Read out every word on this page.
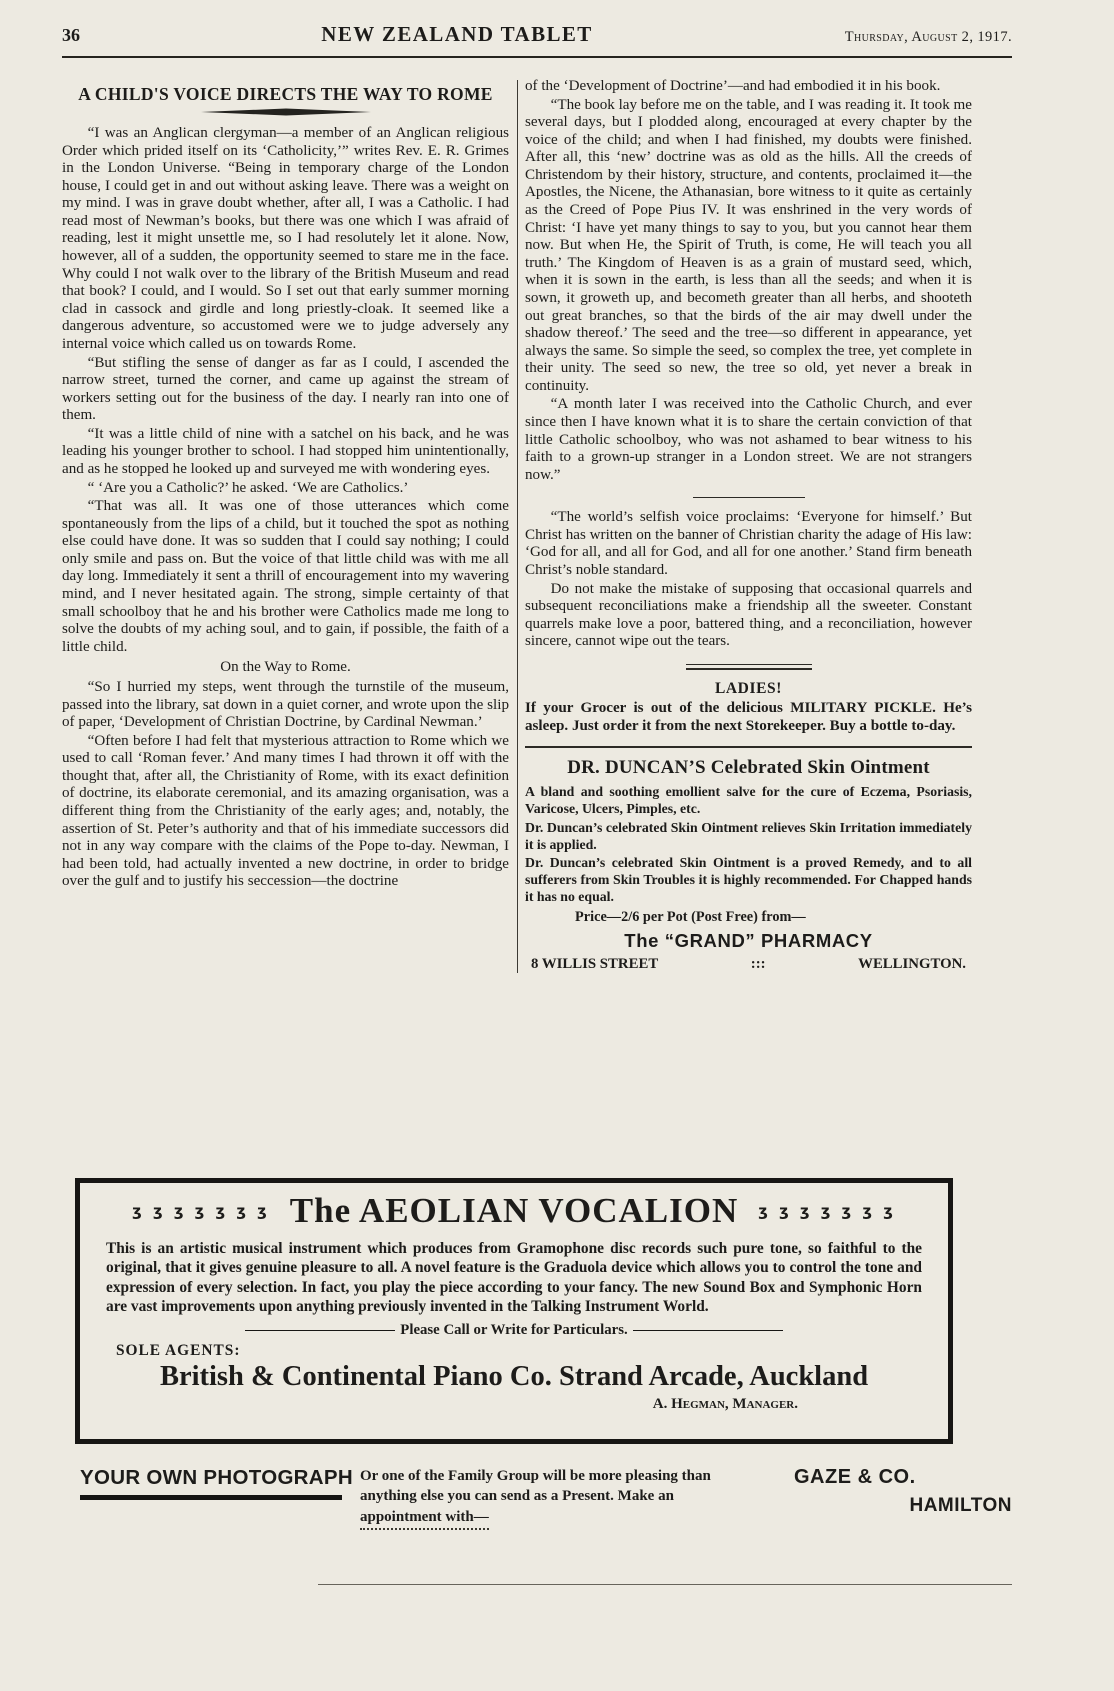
36	NEW ZEALAND TABLET	Thursday, August 2, 1917.
A CHILD'S VOICE DIRECTS THE WAY TO ROME

“I was an Anglican clergyman—a member of an Anglican religious Order which prided itself on its ‘Catholicity,’” writes Rev. E. R. Grimes in the London Universe. “Being in temporary charge of the London house, I could get in and out without asking leave. There was a weight on my mind. I was in grave doubt whether, after all, I was a Catholic. I had read most of Newman’s books, but there was one which I was afraid of reading, lest it might unsettle me, so I had resolutely let it alone. Now, however, all of a sudden, the opportunity seemed to stare me in the face. Why could I not walk over to the library of the British Museum and read that book? I could, and I would. So I set out that early summer morning clad in cassock and girdle and long priestly-cloak. It seemed like a dangerous adventure, so accustomed were we to judge adversely any internal voice which called us on towards Rome.

“But stifling the sense of danger as far as I could, I ascended the narrow street, turned the corner, and came up against the stream of workers setting out for the business of the day. I nearly ran into one of them.

“It was a little child of nine with a satchel on his back, and he was leading his younger brother to school. I had stopped him unintentionally, and as he stopped he looked up and surveyed me with wondering eyes.

“ ‘Are you a Catholic?’ he asked. ‘We are Catholics.’

“That was all. It was one of those utterances which come spontaneously from the lips of a child, but it touched the spot as nothing else could have done. It was so sudden that I could say nothing; I could only smile and pass on. But the voice of that little child was with me all day long. Immediately it sent a thrill of encouragement into my wavering mind, and I never hesitated again. The strong, simple certainty of that small schoolboy that he and his brother were Catholics made me long to solve the doubts of my aching soul, and to gain, if possible, the faith of a little child.

On the Way to Rome.

“So I hurried my steps, went through the turnstile of the museum, passed into the library, sat down in a quiet corner, and wrote upon the slip of paper, ‘Development of Christian Doctrine, by Cardinal Newman.’

“Often before I had felt that mysterious attraction to Rome which we used to call ‘Roman fever.’ And many times I had thrown it off with the thought that, after all, the Christianity of Rome, with its exact definition of doctrine, its elaborate ceremonial, and its amazing organisation, was a different thing from the Christianity of the early ages; and, notably, the assertion of St. Peter’s authority and that of his immediate successors did not in any way compare with the claims of the Pope to-day. Newman, I had been told, had actually invented a new doctrine, in order to bridge over the gulf and to justify his seccession—the doctrine

of the ‘Development of Doctrine’—and had embodied it in his book.

“The book lay before me on the table, and I was reading it. It took me several days, but I plodded along, encouraged at every chapter by the voice of the child; and when I had finished, my doubts were finished. After all, this ‘new’ doctrine was as old as the hills. All the creeds of Christendom by their history, structure, and contents, proclaimed it—the Apostles, the Nicene, the Athanasian, bore witness to it quite as certainly as the Creed of Pope Pius IV. It was enshrined in the very words of Christ: ‘I have yet many things to say to you, but you cannot hear them now. But when He, the Spirit of Truth, is come, He will teach you all truth.’ The Kingdom of Heaven is as a grain of mustard seed, which, when it is sown in the earth, is less than all the seeds; and when it is sown, it groweth up, and becometh greater than all herbs, and shooteth out great branches, so that the birds of the air may dwell under the shadow thereof.’ The seed and the tree—so different in appearance, yet always the same. So simple the seed, so complex the tree, yet complete in their unity. The seed so new, the tree so old, yet never a break in continuity.

“A month later I was received into the Catholic Church, and ever since then I have known what it is to share the certain conviction of that little Catholic schoolboy, who was not ashamed to bear witness to his faith to a grown-up stranger in a London street. We are not strangers now.”

“The world’s selfish voice proclaims: ‘Everyone for himself.’ But Christ has written on the banner of Christian charity the adage of His law: ‘God for all, and all for God, and all for one another.’ Stand firm beneath Christ’s noble standard.

Do not make the mistake of supposing that occasional quarrels and subsequent reconciliations make a friendship all the sweeter. Constant quarrels make love a poor, battered thing, and a reconciliation, however sincere, cannot wipe out the tears.

LADIES!

If your Grocer is out of the delicious MILITARY PICKLE. He’s asleep. Just order it from the next Storekeeper. Buy a bottle to-day.

DR. DUNCAN’S Celebrated Skin Ointment

A bland and soothing emollient salve for the cure of Eczema, Psoriasis, Varicose, Ulcers, Pimples, etc.

Dr. Duncan’s celebrated Skin Ointment relieves Skin Irritation immediately it is applied.

Dr. Duncan’s celebrated Skin Ointment is a proved Remedy, and to all sufferers from Skin Troubles it is highly recommended. For Chapped hands it has no equal.

Price—2/6 per Pot (Post Free) from—

The “GRAND” PHARMACY
8 WILLIS STREET	:::	WELLINGTON.
ʒ ʒ ʒ ʒ ʒ ʒ ʒ The AEOLIAN VOCALION ʒ ʒ ʒ ʒ ʒ ʒ ʒ

This is an artistic musical instrument which produces from Gramophone disc records such pure tone, so faithful to the original, that it gives genuine pleasure to all. A novel feature is the Graduola device which allows you to control the tone and expression of every selection. In fact, you play the piece according to your fancy. The new Sound Box and Symphonic Horn are vast improvements upon anything previously invented in the Talking Instrument World.

Please Call or Write for Particulars.

SOLE AGENTS:

British & Continental Piano Co. Strand Arcade, Auckland

A. Hegman, Manager.

YOUR OWN PHOTOGRAPH Or one of the Family Group will be more pleasing than
anything else you can send as a Present. Make an
appointment with—
GAZE & CO.
HAMILTON
